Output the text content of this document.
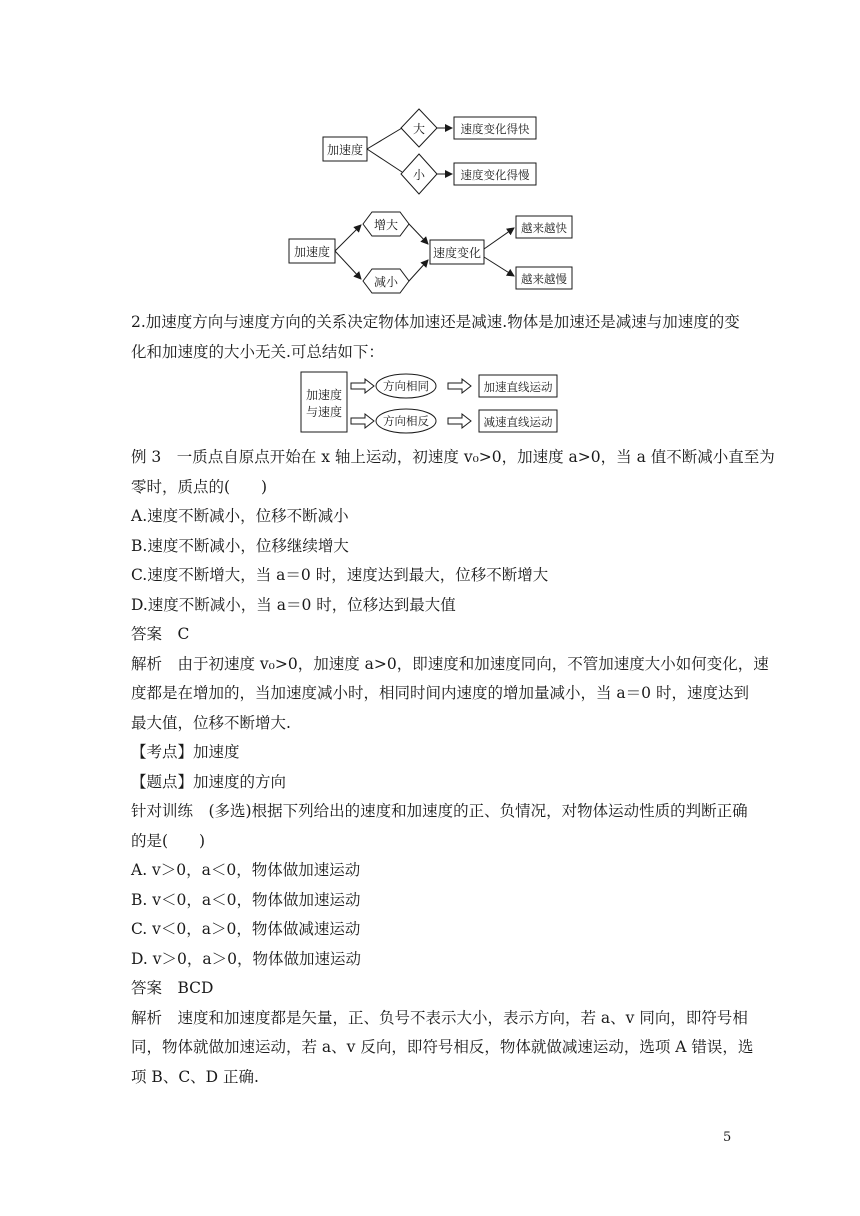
加速度
大
小
速度变化得快
速度变化得慢
加速度
增大
减小
速度变化
越来越快
越来越慢
2.加速度方向与速度方向的关系决定物体加速还是减速.物体是加速还是减速与加速度的变
化和加速度的大小无关.可总结如下：
加速度
与速度
方向相同
方向相反
加速直线运动
减速直线运动
例 3　一质点自原点开始在 x 轴上运动，初速度 v₀>0，加速度 a>0，当 a 值不断减小直至为
零时，质点的(　　)
A.速度不断减小，位移不断减小
B.速度不断减小，位移继续增大
C.速度不断增大，当 a＝0 时，速度达到最大，位移不断增大
D.速度不断减小，当 a＝0 时，位移达到最大值
答案　C
解析　由于初速度 v₀>0，加速度 a>0，即速度和加速度同向，不管加速度大小如何变化，速
度都是在增加的，当加速度减小时，相同时间内速度的增加量减小，当 a＝0 时，速度达到
最大值，位移不断增大.
【考点】加速度
【题点】加速度的方向
针对训练　(多选)根据下列给出的速度和加速度的正、负情况，对物体运动性质的判断正确
的是(　　)
A. v＞0，a＜0，物体做加速运动
B. v＜0，a＜0，物体做加速运动
C. v＜0，a＞0，物体做减速运动
D. v＞0，a＞0，物体做加速运动
答案　BCD
解析　速度和加速度都是矢量，正、负号不表示大小，表示方向，若 a、v 同向，即符号相
同，物体就做加速运动，若 a、v 反向，即符号相反，物体就做减速运动，选项 A 错误，选
项 B、C、D 正确.
5
